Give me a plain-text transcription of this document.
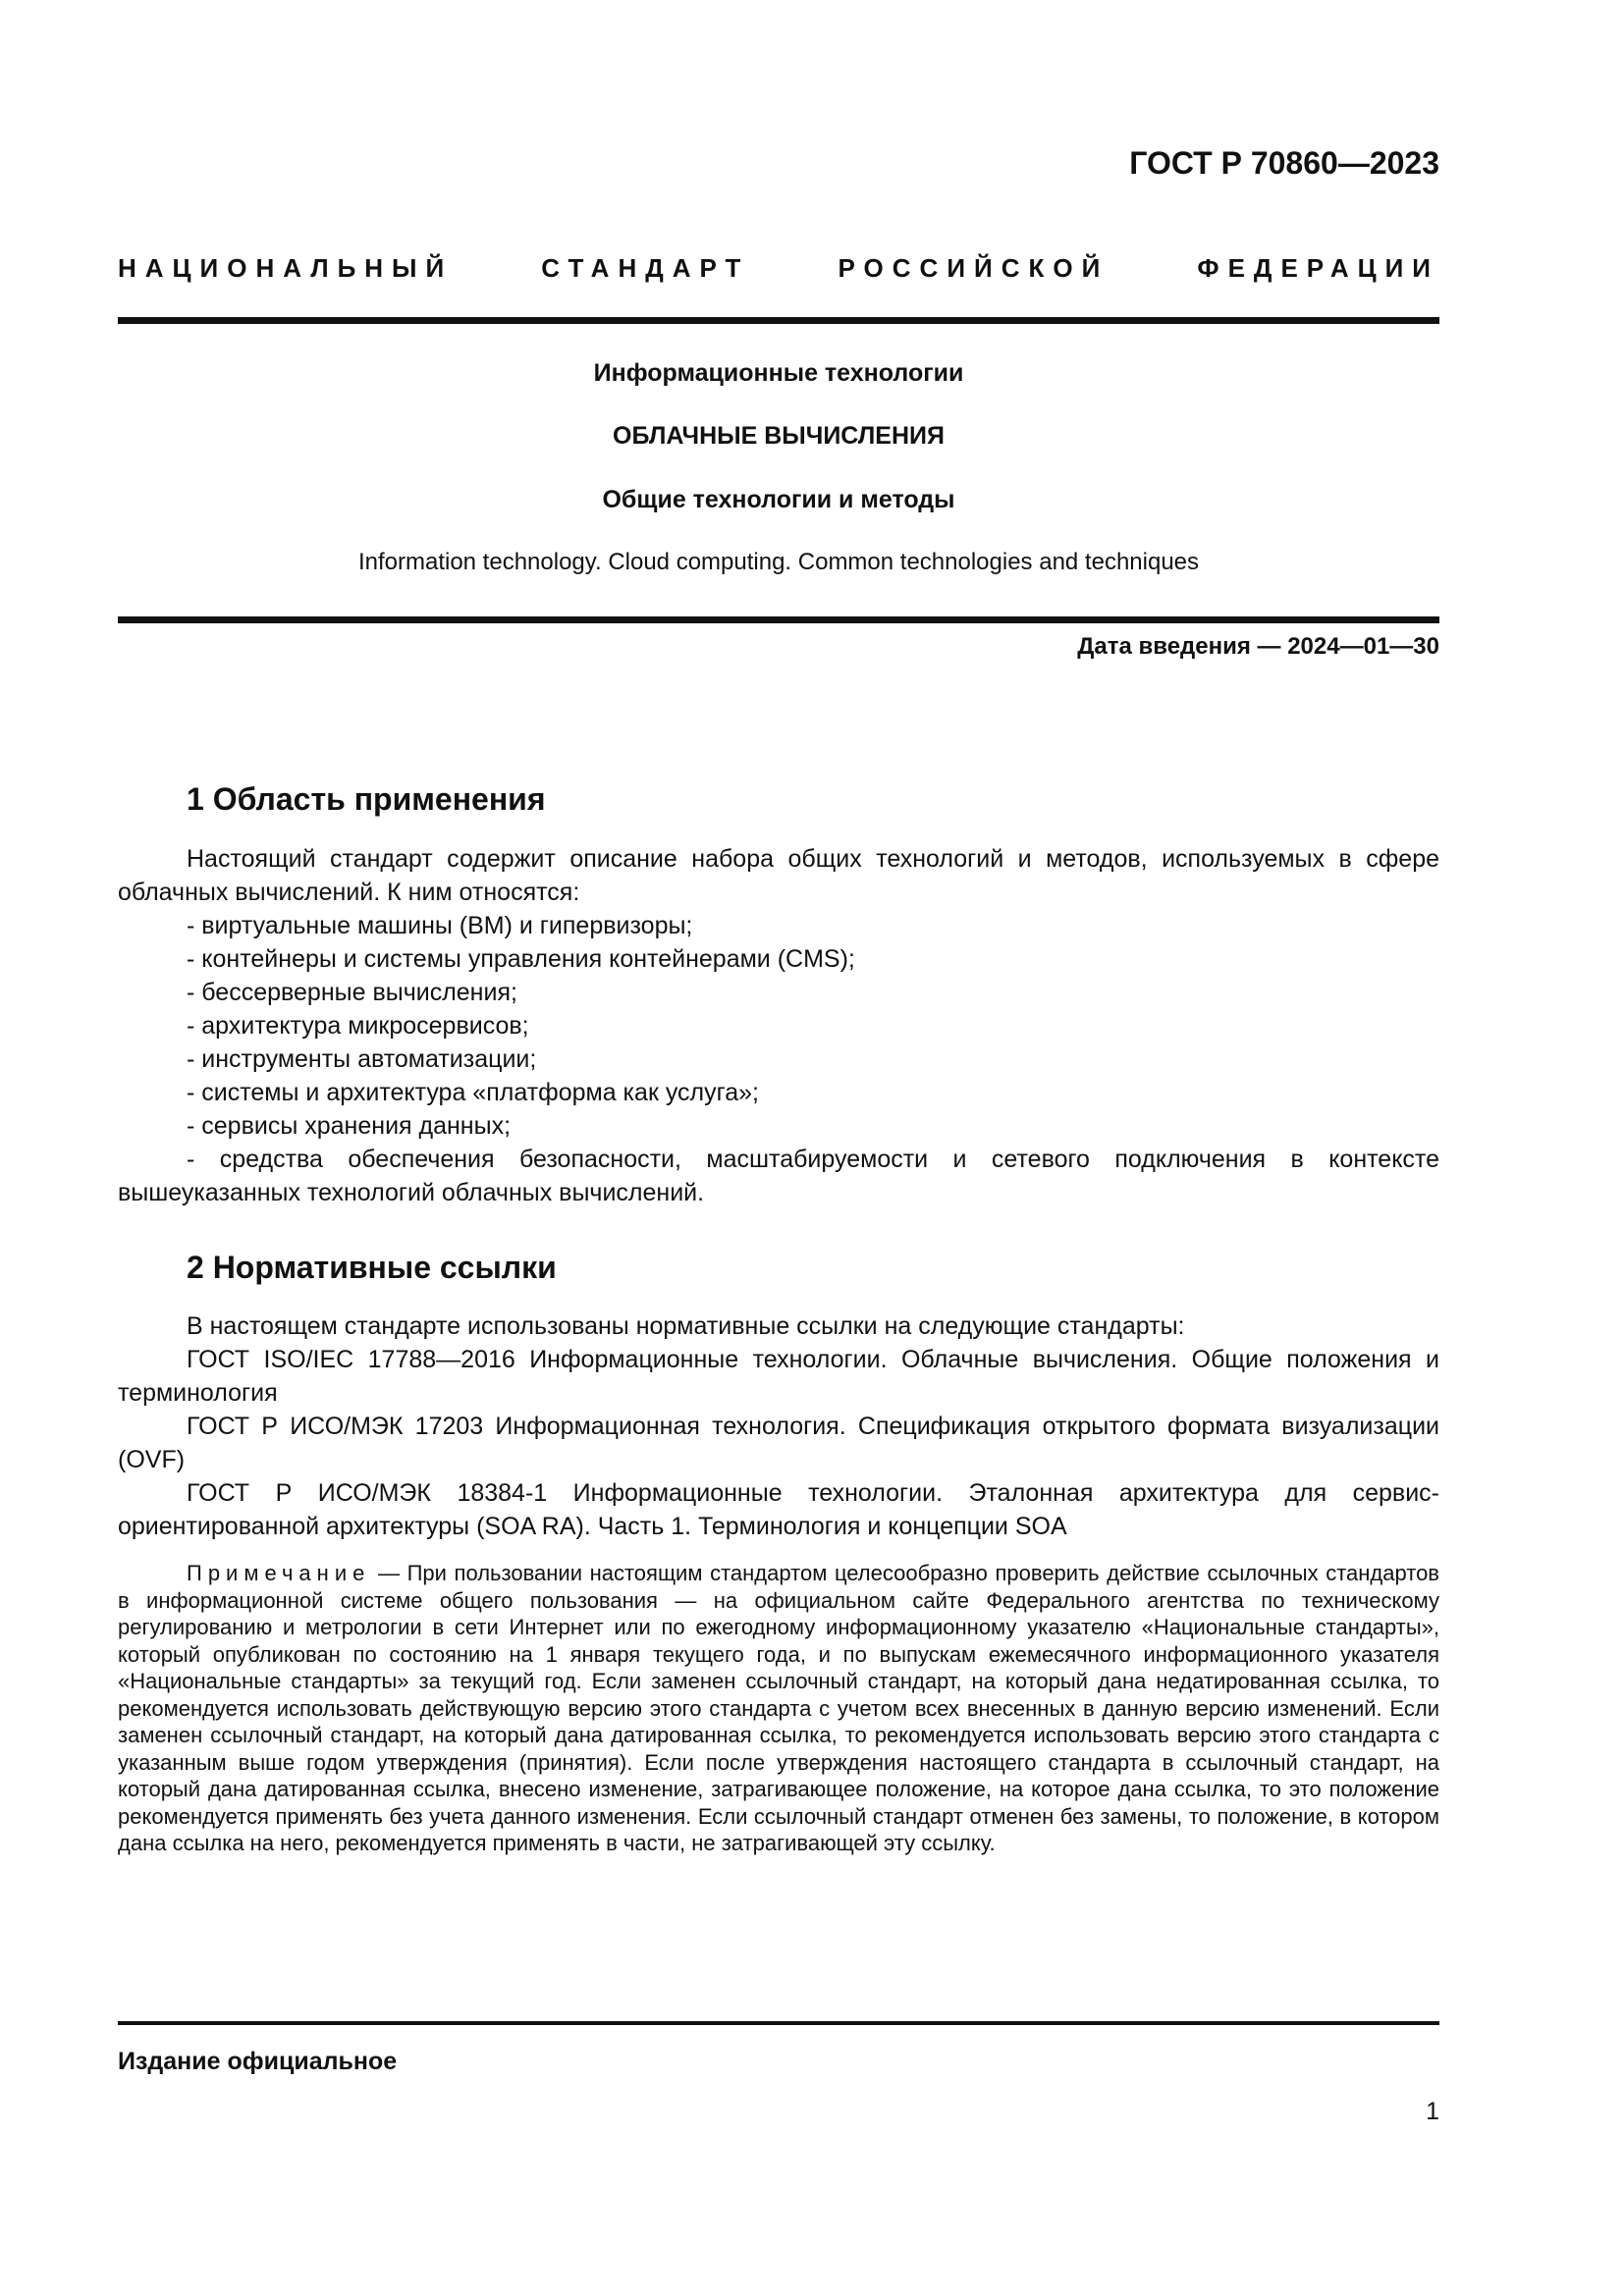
ГОСТ Р 70860—2023
НАЦИОНАЛЬНЫЙ СТАНДАРТ РОССИЙСКОЙ ФЕДЕРАЦИИ
Информационные технологии
ОБЛАЧНЫЕ ВЫЧИСЛЕНИЯ
Общие технологии и методы
Information technology. Cloud computing. Common technologies and techniques
Дата введения — 2024—01—30
1 Область применения

Настоящий стандарт содержит описание набора общих технологий и методов, используемых в сфере облачных вычислений. К ним относятся:

- виртуальные машины (ВМ) и гипервизоры;

- контейнеры и системы управления контейнерами (CMS);

- бессерверные вычисления;

- архитектура микросервисов;

- инструменты автоматизации;

- системы и архитектура «платформа как услуга»;

- сервисы хранения данных;

- средства обеспечения безопасности, масштабируемости и сетевого подключения в контексте вышеуказанных технологий облачных вычислений.

2 Нормативные ссылки

В настоящем стандарте использованы нормативные ссылки на следующие стандарты:

ГОСТ ISO/IEC 17788—2016 Информационные технологии. Облачные вычисления. Общие положения и терминология

ГОСТ Р ИСО/МЭК 17203 Информационная технология. Спецификация открытого формата визуализации (OVF)

ГОСТ Р ИСО/МЭК 18384-1 Информационные технологии. Эталонная архитектура для сервис-ориентированной архитектуры (SOA RA). Часть 1. Терминология и концепции SOA

Примечание — При пользовании настоящим стандартом целесообразно проверить действие ссылочных стандартов в информационной системе общего пользования — на официальном сайте Федерального агентства по техническому регулированию и метрологии в сети Интернет или по ежегодному информационному указателю «Национальные стандарты», который опубликован по состоянию на 1 января текущего года, и по выпускам ежемесячного информационного указателя «Национальные стандарты» за текущий год. Если заменен ссылочный стандарт, на который дана недатированная ссылка, то рекомендуется использовать действующую версию этого стандарта с учетом всех внесенных в данную версию изменений. Если заменен ссылочный стандарт, на который дана датированная ссылка, то рекомендуется использовать версию этого стандарта с указанным выше годом утверждения (принятия). Если после утверждения настоящего стандарта в ссылочный стандарт, на который дана датированная ссылка, внесено изменение, затрагивающее положение, на которое дана ссылка, то это положение рекомендуется применять без учета данного изменения. Если ссылочный стандарт отменен без замены, то положение, в котором дана ссылка на него, рекомендуется применять в части, не затрагивающей эту ссылку.

Издание официальное
1
